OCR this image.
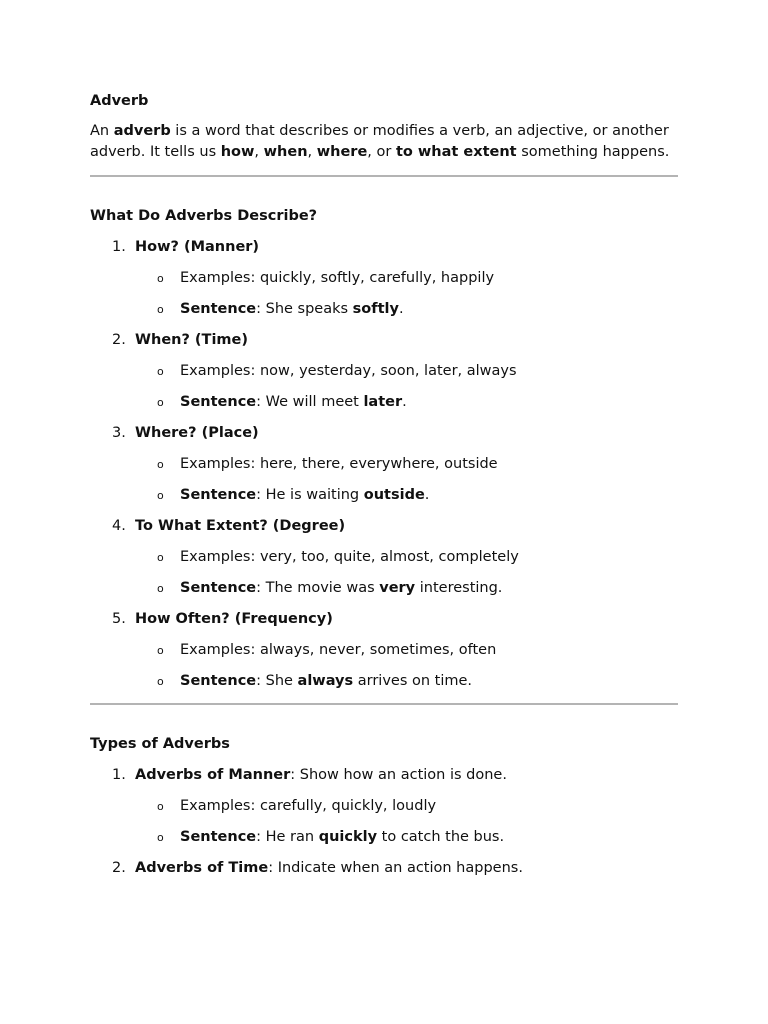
Adverb

An adverb is a word that describes or modifies a verb, an adjective, or another adverb. It tells us how, when, where, or to what extent something happens.

What Do Adverbs Describe?
1. How? (Manner)
o Examples: quickly, softly, carefully, happily
o Sentence: She speaks softly.
2. When? (Time)
o Examples: now, yesterday, soon, later, always
o Sentence: We will meet later.
3. Where? (Place)
o Examples: here, there, everywhere, outside
o Sentence: He is waiting outside.
4. To What Extent? (Degree)
o Examples: very, too, quite, almost, completely
o Sentence: The movie was very interesting.
5. How Often? (Frequency)
o Examples: always, never, sometimes, often
o Sentence: She always arrives on time.
Types of Adverbs
1. Adverbs of Manner: Show how an action is done.
o Examples: carefully, quickly, loudly
o Sentence: He ran quickly to catch the bus.
2. Adverbs of Time: Indicate when an action happens.
